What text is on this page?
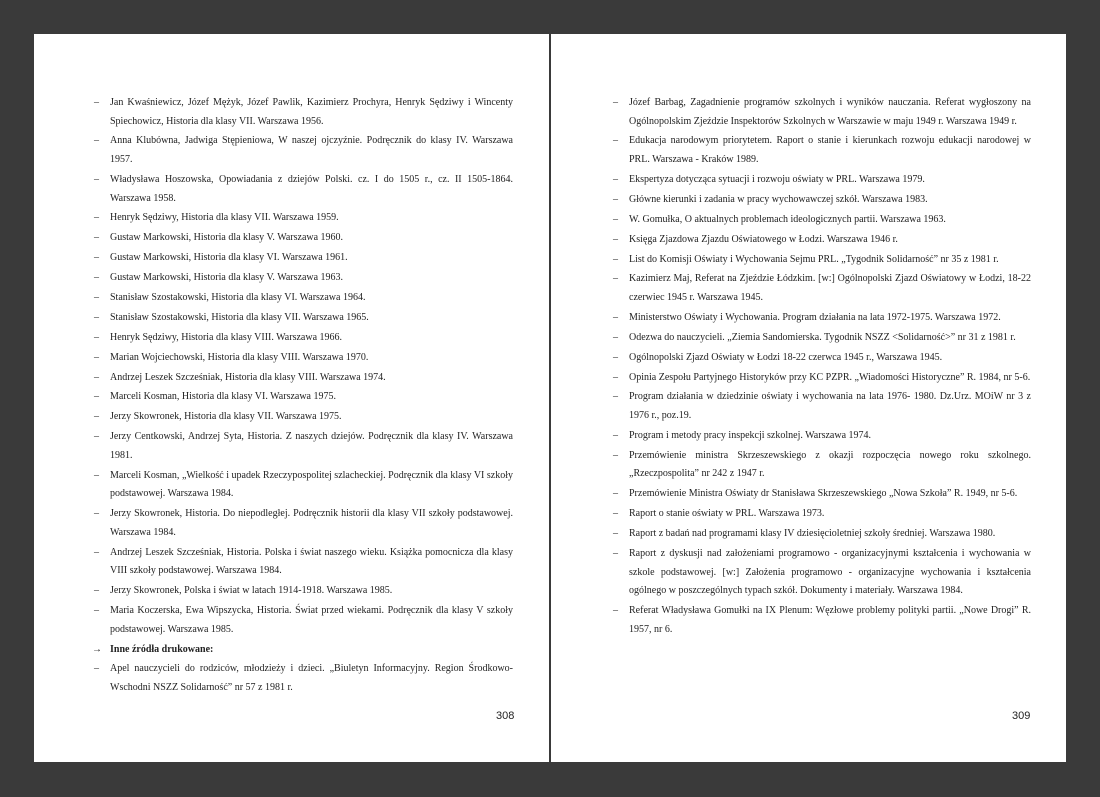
– Jan Kwaśniewicz, Józef Mężyk, Józef Pawlik, Kazimierz Prochyra, Henryk Sędziwy i Wincenty Spiechowicz, Historia dla klasy VII. Warszawa 1956.
– Anna Klubówna, Jadwiga Stępieniowa, W naszej ojczyźnie. Podręcznik do klasy IV. Warszawa 1957.
– Władysława Hoszowska, Opowiadania z dziejów Polski. cz. I do 1505 r., cz. II 1505-1864. Warszawa 1958.
– Henryk Sędziwy, Historia dla klasy VII. Warszawa 1959.
– Gustaw Markowski, Historia dla klasy V. Warszawa 1960.
– Gustaw Markowski, Historia dla klasy VI. Warszawa 1961.
– Gustaw Markowski, Historia dla klasy V. Warszawa 1963.
– Stanisław Szostakowski, Historia dla klasy VI. Warszawa 1964.
– Stanisław Szostakowski, Historia dla klasy VII. Warszawa 1965.
– Henryk Sędziwy, Historia dla klasy VIII. Warszawa 1966.
– Marian Wojciechowski, Historia dla klasy VIII. Warszawa 1970.
– Andrzej Leszek Szcześniak, Historia dla klasy VIII. Warszawa 1974.
– Marceli Kosman, Historia dla klasy VI. Warszawa 1975.
– Jerzy Skowronek, Historia dla klasy VII. Warszawa 1975.
– Jerzy Centkowski, Andrzej Syta, Historia. Z naszych dziejów. Podręcznik dla klasy IV. Warszawa 1981.
– Marceli Kosman, „Wielkość i upadek Rzeczypospolitej szlacheckiej. Podręcznik dla klasy VI szkoły podstawowej. Warszawa 1984.
– Jerzy Skowronek, Historia. Do niepodległej. Podręcznik historii dla klasy VII szkoły podstawowej. Warszawa 1984.
– Andrzej Leszek Szcześniak, Historia. Polska i świat naszego wieku. Książka pomocnicza dla klasy VIII szkoły podstawowej. Warszawa 1984.
– Jerzy Skowronek, Polska i świat w latach 1914-1918. Warszawa 1985.
– Maria Koczerska, Ewa Wipszycka, Historia. Świat przed wiekami. Podręcznik dla klasy V szkoły podstawowej. Warszawa 1985.
→ Inne źródła drukowane:
– Apel nauczycieli do rodziców, młodzieży i dzieci. „Biuletyn Informacyjny. Region Środkowo-Wschodni NSZZ Solidarność” nr 57 z 1981 r.
308
– Józef Barbag, Zagadnienie programów szkolnych i wyników nauczania. Referat wygłoszony na Ogólnopolskim Zjeździe Inspektorów Szkolnych w Warszawie w maju 1949 r. Warszawa 1949 r.
– Edukacja narodowym priorytetem. Raport o stanie i kierunkach rozwoju edukacji narodowej w PRL. Warszawa - Kraków 1989.
– Ekspertyza dotycząca sytuacji i rozwoju oświaty w PRL. Warszawa 1979.
– Główne kierunki i zadania w pracy wychowawczej szkół. Warszawa 1983.
– W. Gomułka, O aktualnych problemach ideologicznych partii. Warszawa 1963.
– Księga Zjazdowa Zjazdu Oświatowego w Łodzi. Warszawa 1946 r.
– List do Komisji Oświaty i Wychowania Sejmu PRL. „Tygodnik Solidarność” nr 35 z 1981 r.
– Kazimierz Maj, Referat na Zjeździe Łódzkim. [w:] Ogólnopolski Zjazd Oświatowy w Łodzi, 18-22 czerwiec 1945 r. Warszawa 1945.
– Ministerstwo Oświaty i Wychowania. Program działania na lata 1972-1975. Warszawa 1972.
– Odezwa do nauczycieli. „Ziemia Sandomierska. Tygodnik NSZZ <Solidarność>” nr 31 z 1981 r.
– Ogólnopolski Zjazd Oświaty w Łodzi 18-22 czerwca 1945 r., Warszawa 1945.
– Opinia Zespołu Partyjnego Historyków przy KC PZPR. „Wiadomości Historyczne” R. 1984, nr 5-6.
– Program działania w dziedzinie oświaty i wychowania na lata 1976- 1980. Dz.Urz. MOiW nr 3 z 1976 r., poz.19.
– Program i metody pracy inspekcji szkolnej. Warszawa 1974.
– Przemówienie ministra Skrzeszewskiego z okazji rozpoczęcia nowego roku szkolnego. „Rzeczpospolita” nr 242 z 1947 r.
– Przemówienie Ministra Oświaty dr Stanisława Skrzeszewskiego „Nowa Szkoła” R. 1949, nr 5-6.
– Raport o stanie oświaty w PRL. Warszawa 1973.
– Raport z badań nad programami klasy IV dziesięcioletniej szkoły średniej. Warszawa 1980.
– Raport z dyskusji nad założeniami programowo - organizacyjnymi kształcenia i wychowania w szkole podstawowej. [w:] Założenia programowo - organizacyjne wychowania i kształcenia ogólnego w poszczególnych typach szkół. Dokumenty i materiały. Warszawa 1984.
– Referat Władysława Gomułki na IX Plenum: Węzłowe problemy polityki partii. „Nowe Drogi” R. 1957, nr 6.
309
